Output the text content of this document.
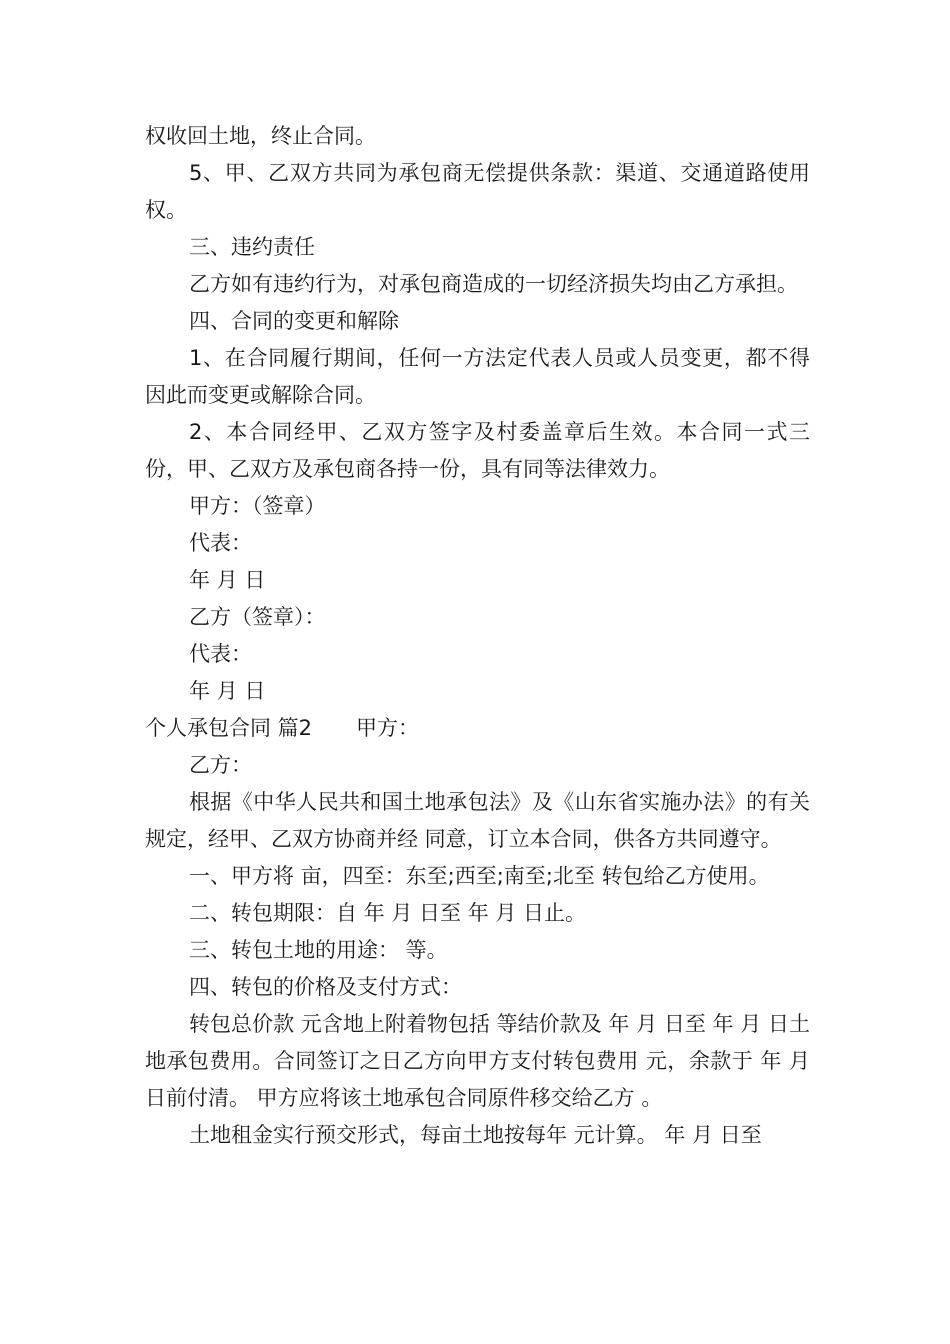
权收回土地，终止合同。

5、甲、乙双方共同为承包商无偿提供条款：渠道、交通道路使用权。

三、违约责任

乙方如有违约行为，对承包商造成的一切经济损失均由乙方承担。

四、合同的变更和解除

1、在合同履行期间，任何一方法定代表人员或人员变更，都不得因此而变更或解除合同。

2、本合同经甲、乙双方签字及村委盖章后生效。本合同一式三份，甲、乙双方及承包商各持一份，具有同等法律效力。

甲方：（签章）

代表：

年 月 日

乙方（签章）：

代表：

年 月 日

个人承包合同 篇2 甲方：

乙方：

根据《中华人民共和国土地承包法》及《山东省实施办法》的有关规定，经甲、乙双方协商并经 同意，订立本合同，供各方共同遵守。

一、甲方将 亩，四至：东至;西至;南至;北至 转包给乙方使用。

二、转包期限：自 年 月 日至 年 月 日止。

三、转包土地的用途： 等。

四、转包的价格及支付方式：

转包总价款 元含地上附着物包括 等结价款及 年 月 日至 年 月 日土地承包费用。合同签订之日乙方向甲方支付转包费用 元，余款于 年 月 日前付清。 甲方应将该土地承包合同原件移交给乙方 。

土地租金实行预交形式，每亩土地按每年 元计算。 年 月 日至
